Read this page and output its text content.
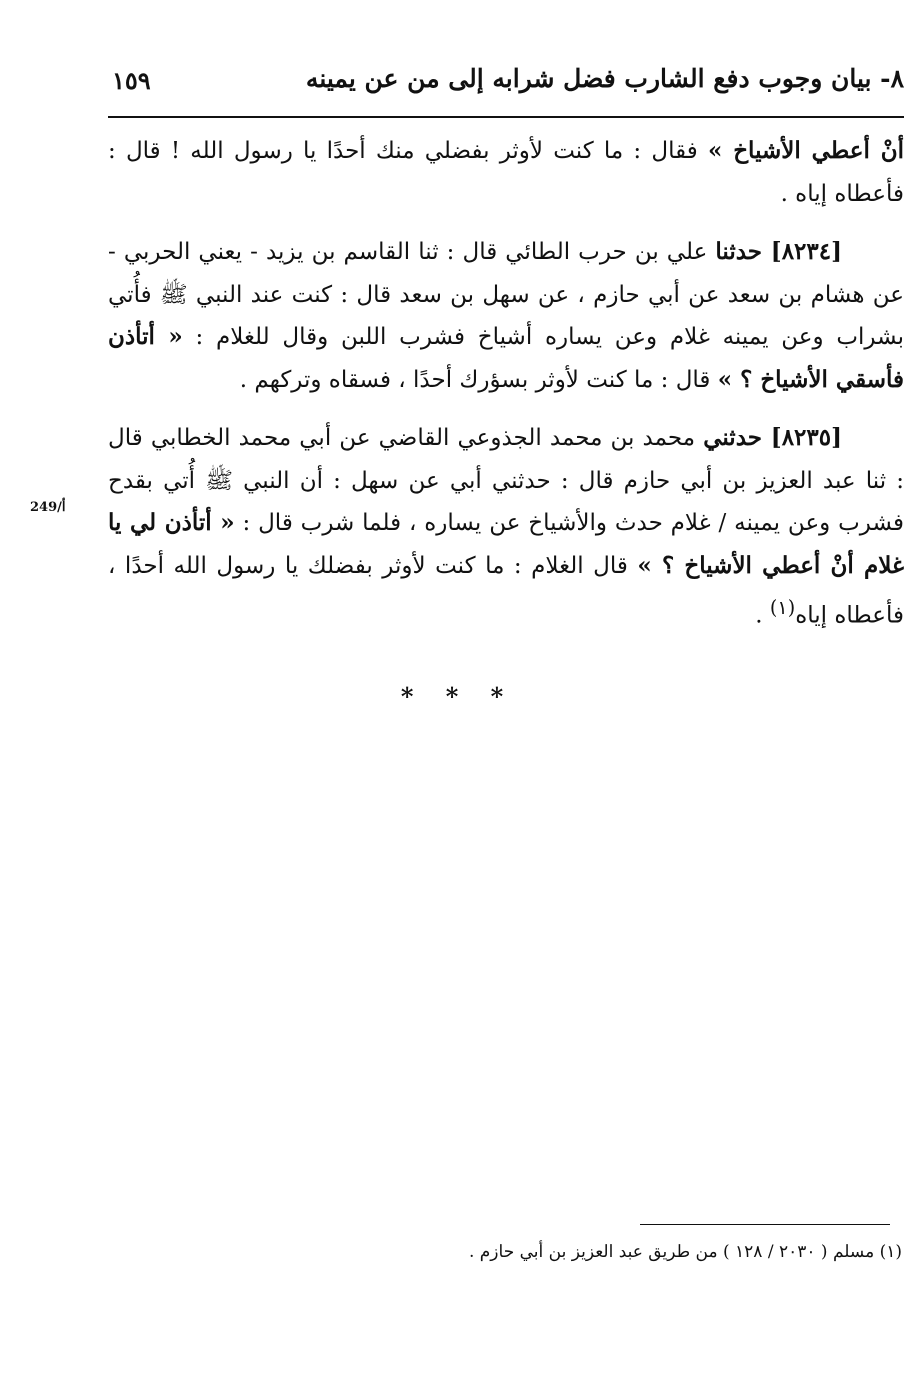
٨- بيان وجوب دفع الشارب فضل شرابه إلى من عن يمينه
١٥٩

أنْ أعطي الأشياخ » فقال : ما كنت لأوثر بفضلي منك أحدًا يا رسول الله ! قال : فأعطاه إياه .

[٨٢٣٤] حدثنا علي بن حرب الطائي قال : ثنا القاسم بن يزيد - يعني الحربي - عن هشام بن سعد عن أبي حازم ، عن سهل بن سعد قال : كنت عند النبي ﷺ فأُتي بشراب وعن يمينه غلام وعن يساره أشياخ فشرب اللبن وقال للغلام : « أتأذن فأسقي الأشياخ ؟ » قال : ما كنت لأوثر بسؤرك أحدًا ، فسقاه وتركهم .

[٨٢٣٥] حدثني محمد بن محمد الجذوعي القاضي عن أبي محمد الخطابي قال : ثنا عبد العزيز بن أبي حازم قال : حدثني أبي عن سهل : أن النبي ﷺ أُتي بقدح فشرب وعن يمينه / غلام حدث والأشياخ عن يساره ، فلما شرب قال : « أتأذن لي يا غلام أنْ أعطي الأشياخ ؟ » قال الغلام : ما كنت لأوثر بفضلك يا رسول الله أحدًا ، فأعطاه إياه$^{(١)}$ .

249/أ
* * *
(١) مسلم ( ٢٠٣٠ / ١٢٨ ) من طريق عبد العزيز بن أبي حازم .
